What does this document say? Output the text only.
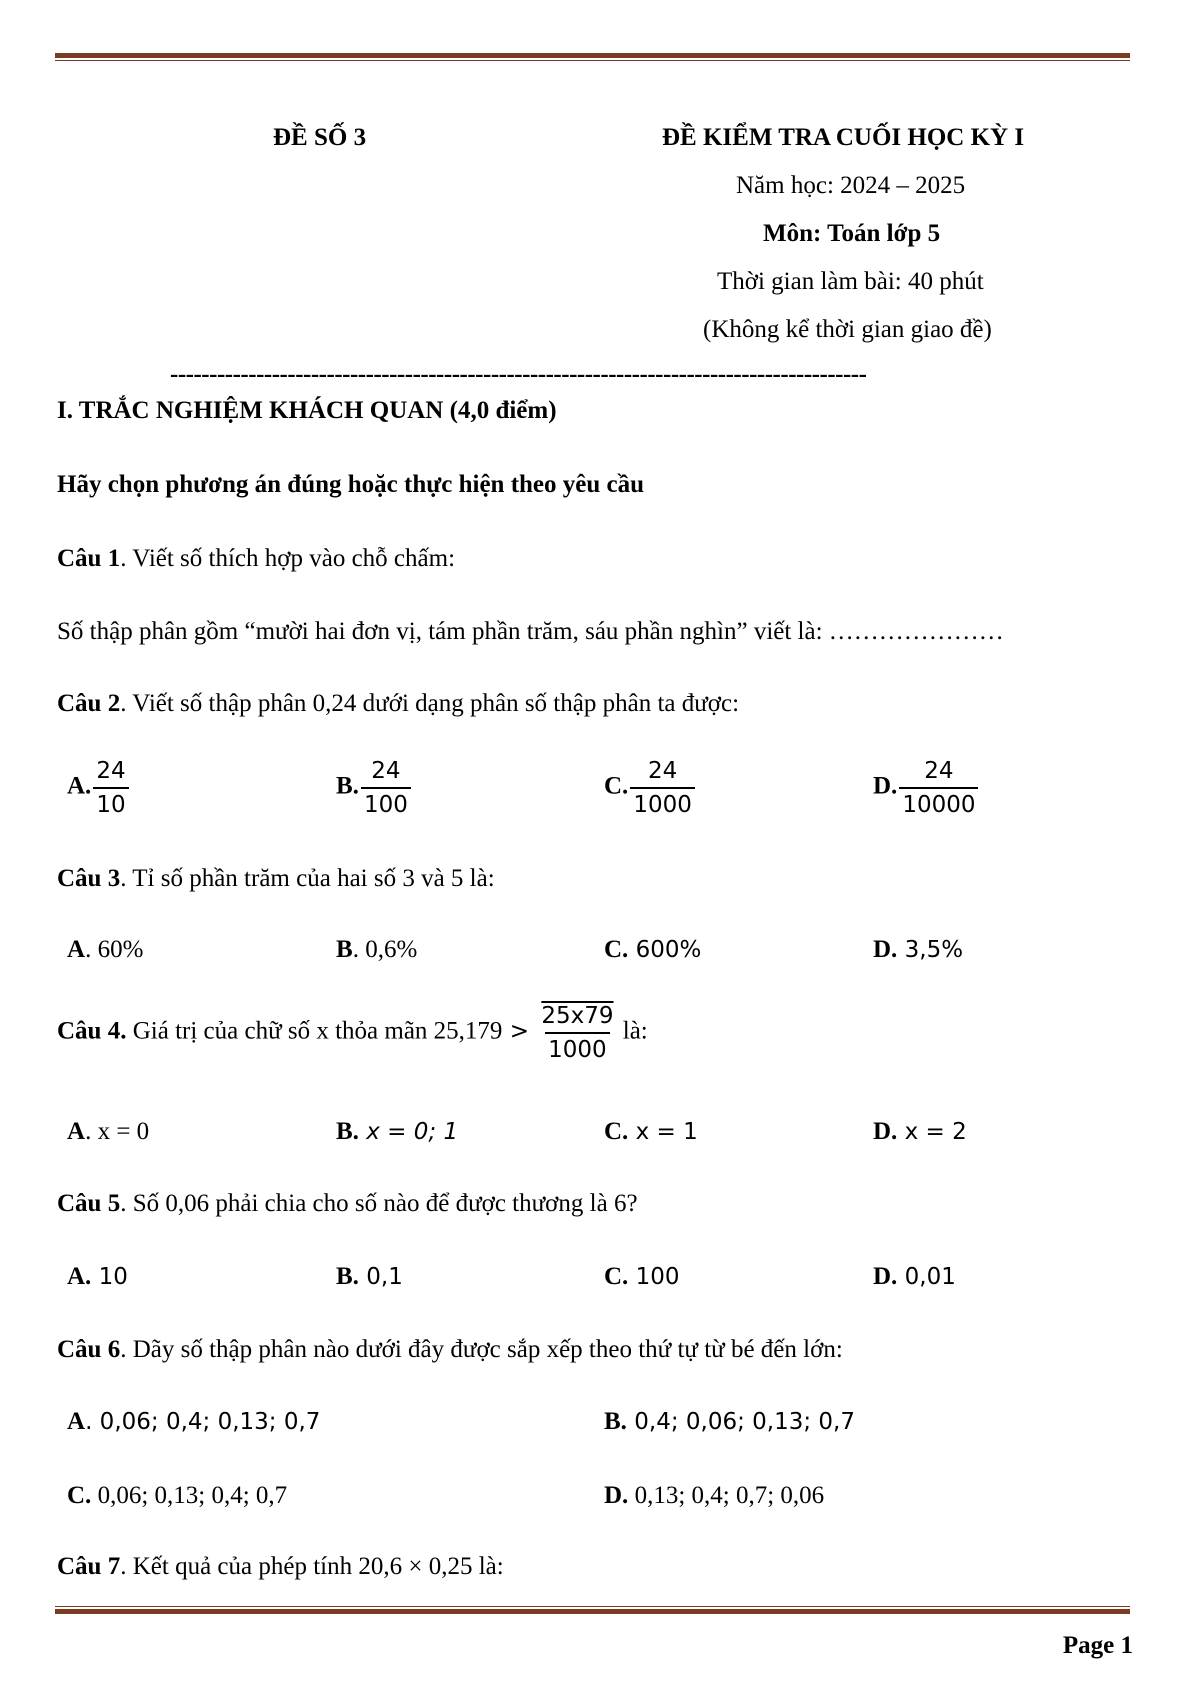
ĐỀ SỐ 3	ĐỀ KIỂM TRA CUỐI HỌC KỲ I
Năm học: 2024 – 2025
Môn: Toán lớp 5
Thời gian làm bài: 40 phút
(Không kể thời gian giao đề)
-----------------------------------------------------------------------------------------
I. TRẮC NGHIỆM KHÁCH QUAN (4,0 điểm)
Hãy chọn phương án đúng hoặc thực hiện theo yêu cầu
Câu 1. Viết số thích hợp vào chỗ chấm:
Số thập phân gồm “mười hai đơn vị, tám phần trăm, sáu phần nghìn” viết là: …………………
Câu 2. Viết số thập phân 0,24 dưới dạng phân số thập phân ta được:
A. $\frac{24}{10}$	B. $\frac{24}{100}$	C. $\frac{24}{1000}$	D. $\frac{24}{10000}$
Câu 3. Tỉ số phần trăm của hai số 3 và 5 là:
A. 60%	B. 0,6%	C. 600%	D. 3,5%
Câu 4. Giá trị của chữ số x thỏa mãn $25,179 > \frac{25x79}{1000}$ là:
A. x = 0	B. x = 0; 1	C. x = 1	D. x = 2
Câu 5. Số 0,06 phải chia cho số nào để được thương là 6?
A. 10	B. 0,1	C. 100	D. 0,01
Câu 6. Dãy số thập phân nào dưới đây được sắp xếp theo thứ tự từ bé đến lớn:
A. 0,06; 0,4; 0,13; 0,7	B. 0,4; 0,06; 0,13; 0,7
C. 0,06; 0,13; 0,4; 0,7	D. 0,13; 0,4; 0,7; 0,06
Câu 7. Kết quả của phép tính 20,6 × 0,25 là:
Page 1
